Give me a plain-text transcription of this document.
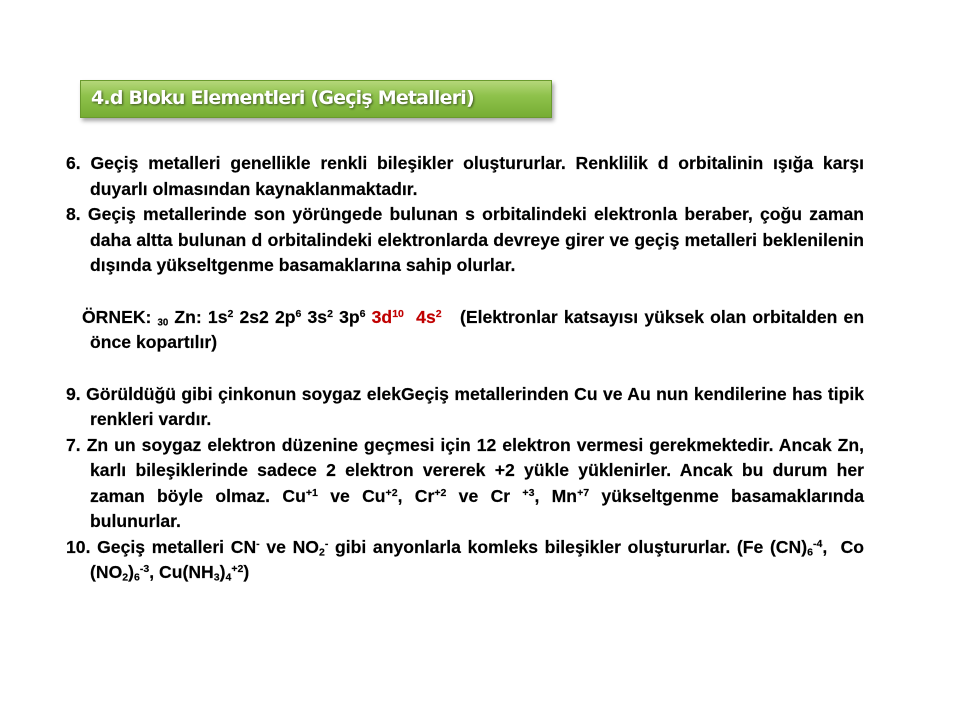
4.d Bloku Elementleri (Geçiş Metalleri)

6. Geçiş metalleri genellikle renkli bileşikler oluştururlar. Renklilik d orbitalinin ışığa karşı duyarlı olmasından kaynaklanmaktadır.

8. Geçiş metallerinde son yörüngede bulunan s orbitalindeki elektronla beraber, çoğu zaman daha altta bulunan d orbitalindeki elektronlarda devreye girer ve geçiş metalleri beklenilenin dışında yükseltgenme basamaklarına sahip olurlar.

ÖRNEK: $_{30}$ Zn: $1s^2$ 2s2 $2p^6$ $3s^2$ $3p^6$ $3d^{10}$ $4s^2$ (Elektronlar katsayısı yüksek olan orbitalden en önce kopartılır)

9. Görüldüğü gibi çinkonun soygaz elekGeçiş metallerinden Cu ve Au nun kendilerine has tipik renkleri vardır.

7. Zn un soygaz elektron düzenine geçmesi için 12 elektron vermesi gerekmektedir. Ancak Zn, karlı bileşiklerinde sadece 2 elektron vererek +2 yükle yüklenirler. Ancak bu durum her zaman böyle olmaz. $Cu^{+1}$ ve $Cu^{+2}$, $Cr^{+2}$ ve Cr $^{+3}$, $Mn^{+7}$ yükseltgenme basamaklarında bulunurlar.

10. Geçiş metalleri CN- ve $NO_2^-$ gibi anyonlarla komleks bileşikler oluştururlar. (Fe $(CN)_6^{-4}$,  Co $(NO_2)_6^{-3}$, $Cu(NH_3)_4^{+2}$)
